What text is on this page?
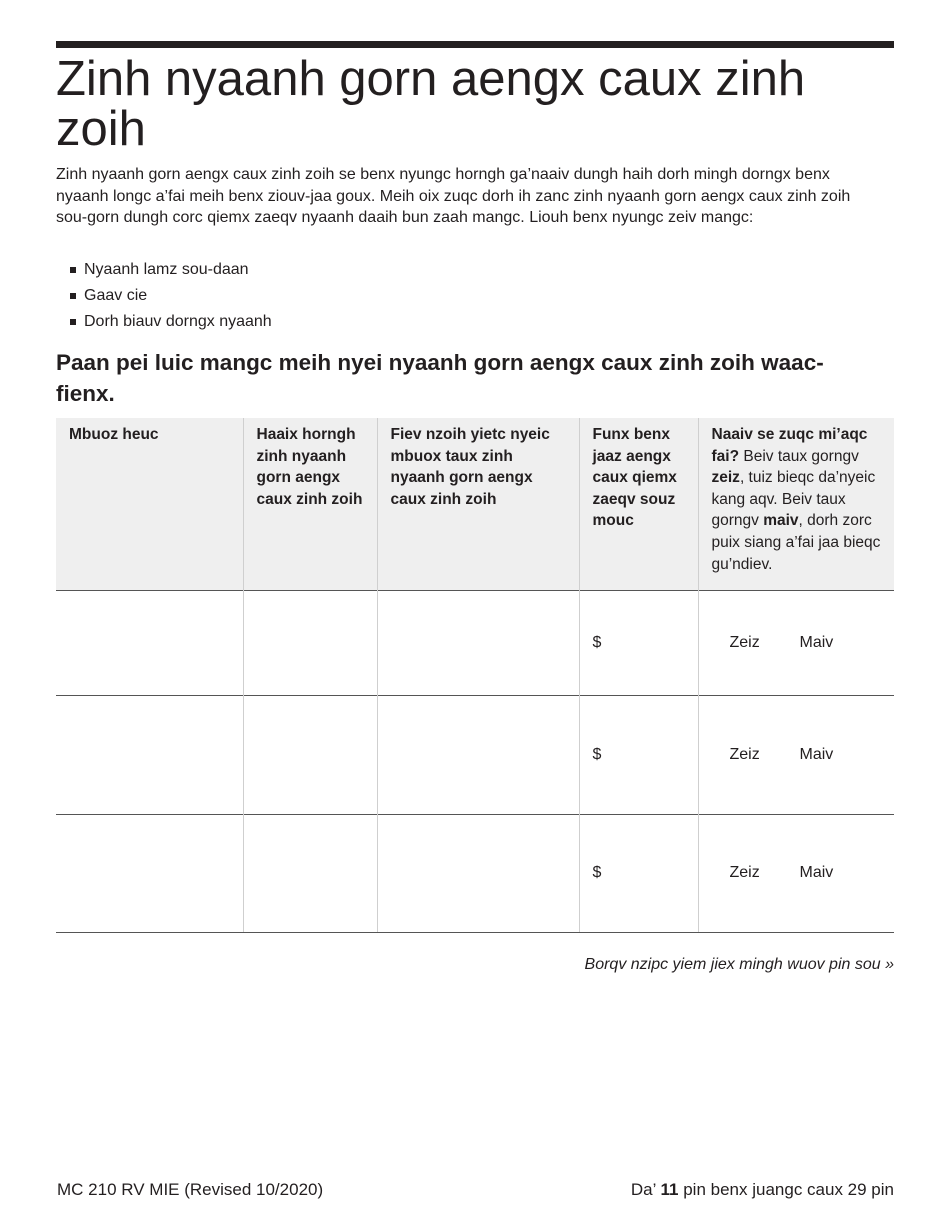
Zinh nyaanh gorn aengx caux zinh zoih

Zinh nyaanh gorn aengx caux zinh zoih se benx nyungc horngh ga’naaiv dungh haih dorh mingh dorngx benx nyaanh longc a’fai meih benx ziouv-jaa goux. Meih oix zuqc dorh ih zanc zinh nyaanh gorn aengx caux zinh zoih sou-gorn dungh corc qiemx zaeqv nyaanh daaih bun zaah mangc. Liouh benx nyungc zeiv mangc:

Nyaanh lamz sou-daan
Gaav cie
Dorh biauv dorngx nyaanh
Paan pei luic mangc meih nyei nyaanh gorn aengx caux zinh zoih waac-fienx.
Mbuoz heuc	Haaix horngh zinh nyaanh gorn aengx caux zinh zoih	Fiev nzoih yietc nyeic mbuox taux zinh nyaanh gorn aengx caux zinh zoih	Funx benx jaaz aengx caux qiemx zaeqv souz mouc	Naaiv se zuqc mi’aqc fai? Beiv taux gorngv zeiz, tuiz bieqc da’nyeic kang aqv. Beiv taux gorngv maiv, dorh zorc puix siang a’fai jaa bieqc gu’ndiev.
			$	Zeiz Maiv

			$	Zeiz Maiv

			$	Zeiz Maiv
Borqv nzipc yiem jiex mingh wuov pin sou »
MC 210 RV MIE (Revised 10/2020)	Da’ 11 pin benx juangc caux 29 pin
